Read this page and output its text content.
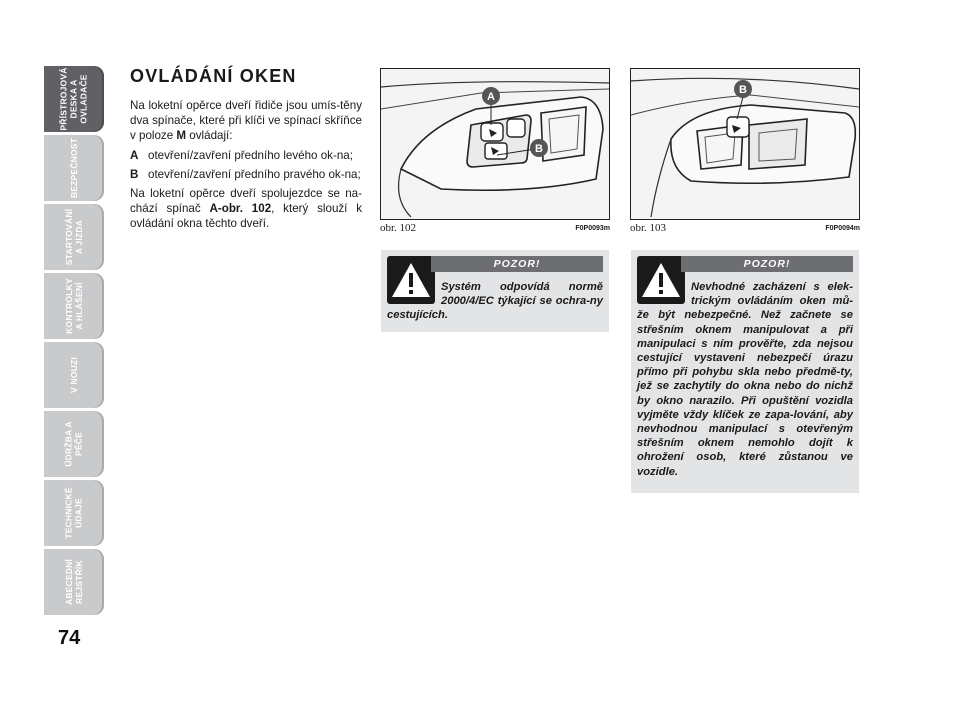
PŘÍSTROJOVÁ
DESKA A
OVLADAČE
BEZPEČNOST
STARTOVÁNÍ
A JÍZDA
KONTROLKY
A HLÁŠENÍ
V NOUZI
ÚDRŽBA A
PÉČE
TECHNICKÉ
ÚDAJE
ABECEDNÍ
REJSTŘÍK
74
OVLÁDÁNÍ OKEN

Na loketní opěrce dveří řidiče jsou umís-těny dva spínače, které při klíči ve spínací skříňce v poloze M ovládají:

A otevření/zavření předního levého ok-na;
B otevření/zavření předního pravého ok-na;

Na loketní opěrce dveří spolujezdce se na-chází spínač A-obr. 102, který slouží k ovládání okna těchto dveří.

A
B
obr. 102	F0P0093m
B
obr. 103	F0P0094m
POZOR!
Systém odpovídá normě 2000/4/EC týkající se ochra-ny cestujících.
POZOR!
Nevhodné zacházení s elek-trickým ovládáním oken mů-že být nebezpečné. Než začnete se střešním oknem manipulovat a při manipulaci s ním prověřte, zda nejsou cestující vystaveni nebezpečí úrazu přímo při pohybu skla nebo předmě-ty, jež se zachytily do okna nebo do nichž by okno narazilo. Při opuštění vozidla vyjměte vždy klíček ze zapa-lování, aby nevhodnou manipulací s otevřeným střešním oknem nemohlo dojít k ohrožení osob, které zůstanou ve vozidle.
